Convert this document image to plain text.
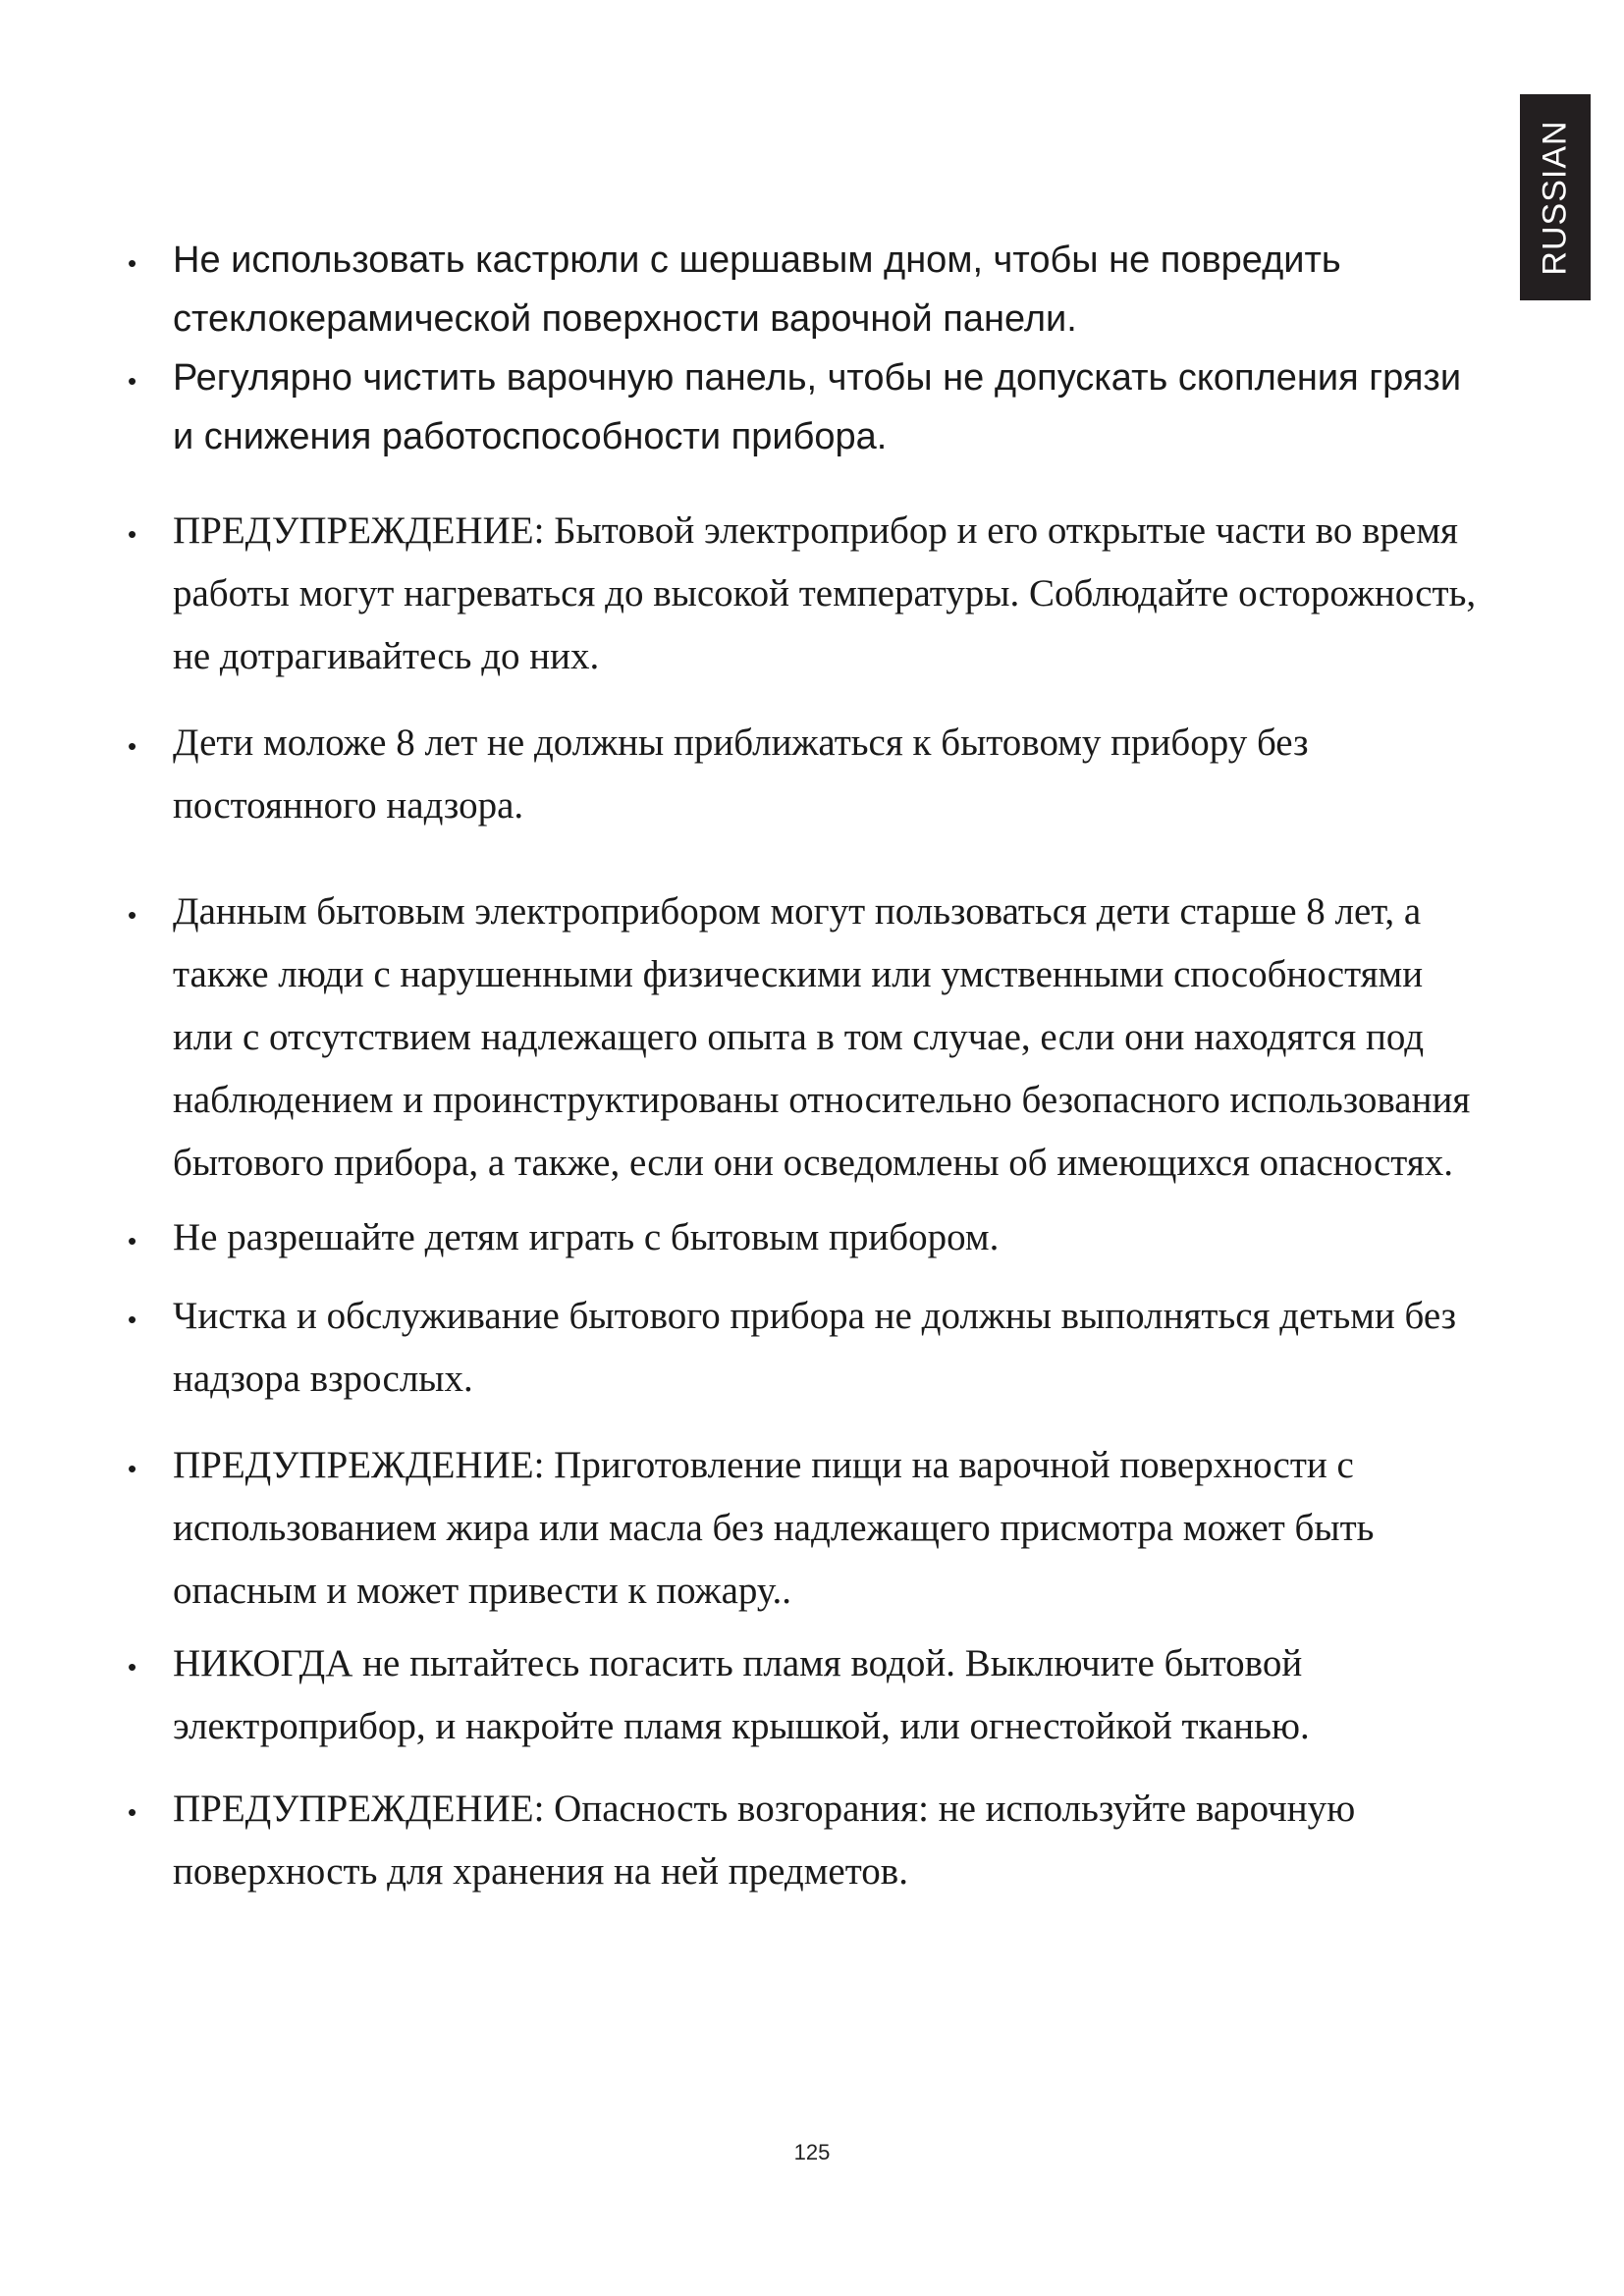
RUSSIAN
• Не использовать кастрюли с шершавым дном, чтобы не повредить стеклокерамической поверхности варочной панели.
• Регулярно чистить варочную панель, чтобы не допускать скопления грязи и снижения работоспособности прибора.
• ПРЕДУПРЕЖДЕНИЕ: Бытовой электроприбор и его открытые части во время работы могут нагреваться до высокой температуры. Соблюдайте осторожность, не дотрагивайтесь до них.
• Дети моложе 8 лет не должны приближаться к бытовому прибору без постоянного надзора.
• Данным бытовым электроприбором могут пользоваться дети старше 8 лет, а также люди с нарушенными физическими или умственными способностями или с отсутствием надлежащего опыта в том случае, если они находятся под наблюдением и проинструктированы относительно безопасного использования бытового прибора, а также, если они осведомлены об имеющихся опасностях.
• Не разрешайте детям играть с бытовым прибором.
• Чистка и обслуживание бытового прибора не должны выполняться детьми без надзора взрослых.
• ПРЕДУПРЕЖДЕНИЕ: Приготовление пищи на варочной поверхности с использованием жира или масла без надлежащего присмотра может быть опасным и может привести к пожару..
• НИКОГДА не пытайтесь погасить пламя водой. Выключите бытовой электроприбор, и накройте пламя крышкой, или огнестойкой тканью.
• ПРЕДУПРЕЖДЕНИЕ: Опасность возгорания: не используйте варочную поверхность для хранения на ней предметов.
125
